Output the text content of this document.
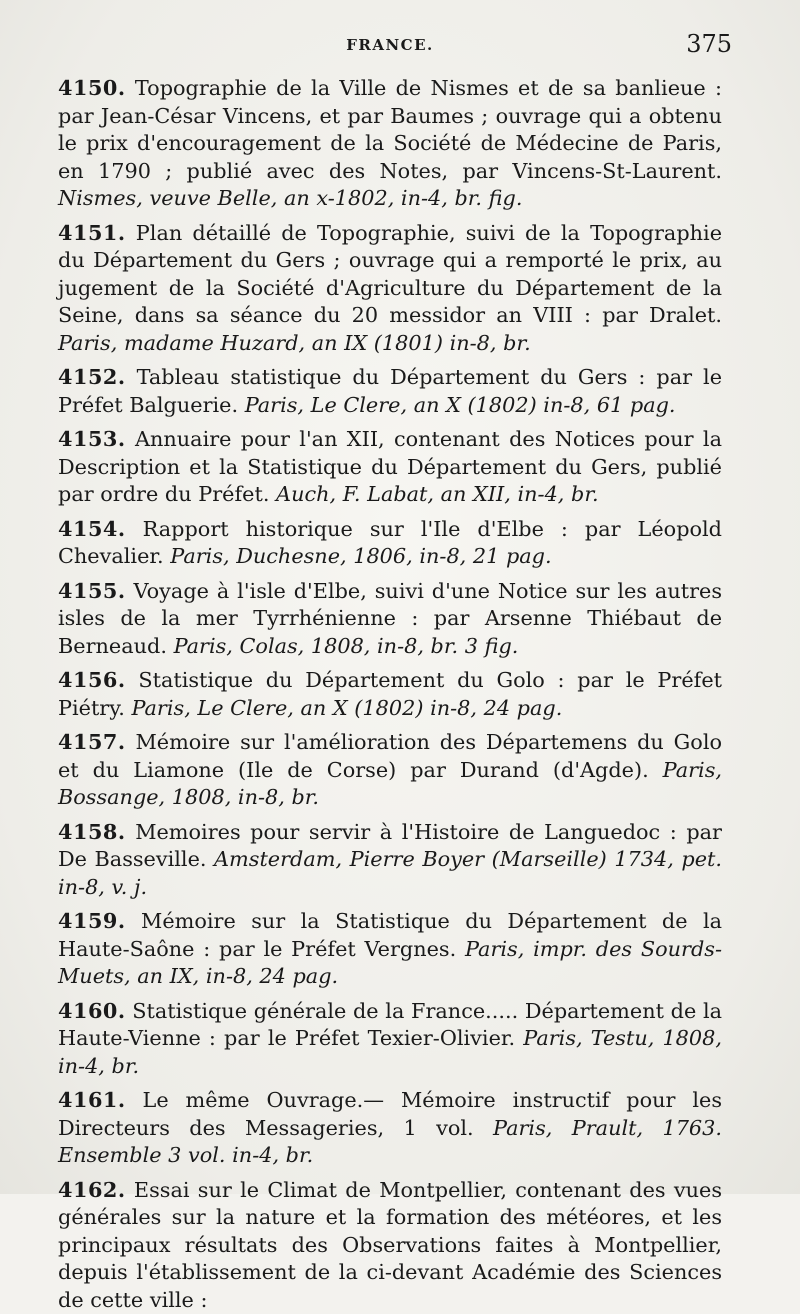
FRANCE.	375

4150. Topographie de la Ville de Nismes et de sa banlieue : par Jean-César Vincens, et par Baumes ; ouvrage qui a obtenu le prix d'encouragement de la Société de Médecine de Paris, en 1790 ; publié avec des Notes, par Vincens-St-Laurent. Nismes, veuve Belle, an x-1802, in-4, br. fig.

4151. Plan détaillé de Topographie, suivi de la Topographie du Département du Gers ; ouvrage qui a remporté le prix, au jugement de la Société d'Agriculture du Département de la Seine, dans sa séance du 20 messidor an VIII : par Dralet. Paris, madame Huzard, an IX (1801) in-8, br.

4152. Tableau statistique du Département du Gers : par le Préfet Balguerie. Paris, Le Clere, an X (1802) in-8, 61 pag.

4153. Annuaire pour l'an XII, contenant des Notices pour la Description et la Statistique du Département du Gers, publié par ordre du Préfet. Auch, F. Labat, an XII, in-4, br.

4154. Rapport historique sur l'Ile d'Elbe : par Léopold Chevalier. Paris, Duchesne, 1806, in-8, 21 pag.

4155. Voyage à l'isle d'Elbe, suivi d'une Notice sur les autres isles de la mer Tyrrhénienne : par Arsenne Thiébaut de Berneaud. Paris, Colas, 1808, in-8, br. 3 fig.

4156. Statistique du Département du Golo : par le Préfet Piétry. Paris, Le Clere, an X (1802) in-8, 24 pag.

4157. Mémoire sur l'amélioration des Départemens du Golo et du Liamone (Ile de Corse) par Durand (d'Agde). Paris, Bossange, 1808, in-8, br.

4158. Memoires pour servir à l'Histoire de Languedoc : par De Basseville. Amsterdam, Pierre Boyer (Marseille) 1734, pet. in-8, v. j.

4159. Mémoire sur la Statistique du Département de la Haute-Saône : par le Préfet Vergnes. Paris, impr. des Sourds-Muets, an IX, in-8, 24 pag.

4160. Statistique générale de la France..... Département de la Haute-Vienne : par le Préfet Texier-Olivier. Paris, Testu, 1808, in-4, br.

4161. Le même Ouvrage.— Mémoire instructif pour les Directeurs des Messageries, 1 vol. Paris, Prault, 1763. Ensemble 3 vol. in-4, br.

4162. Essai sur le Climat de Montpellier, contenant des vues générales sur la nature et la formation des météores, et les principaux résultats des Observations faites à Montpellier, depuis l'établissement de la ci-devant Académie des Sciences de cette ville :
